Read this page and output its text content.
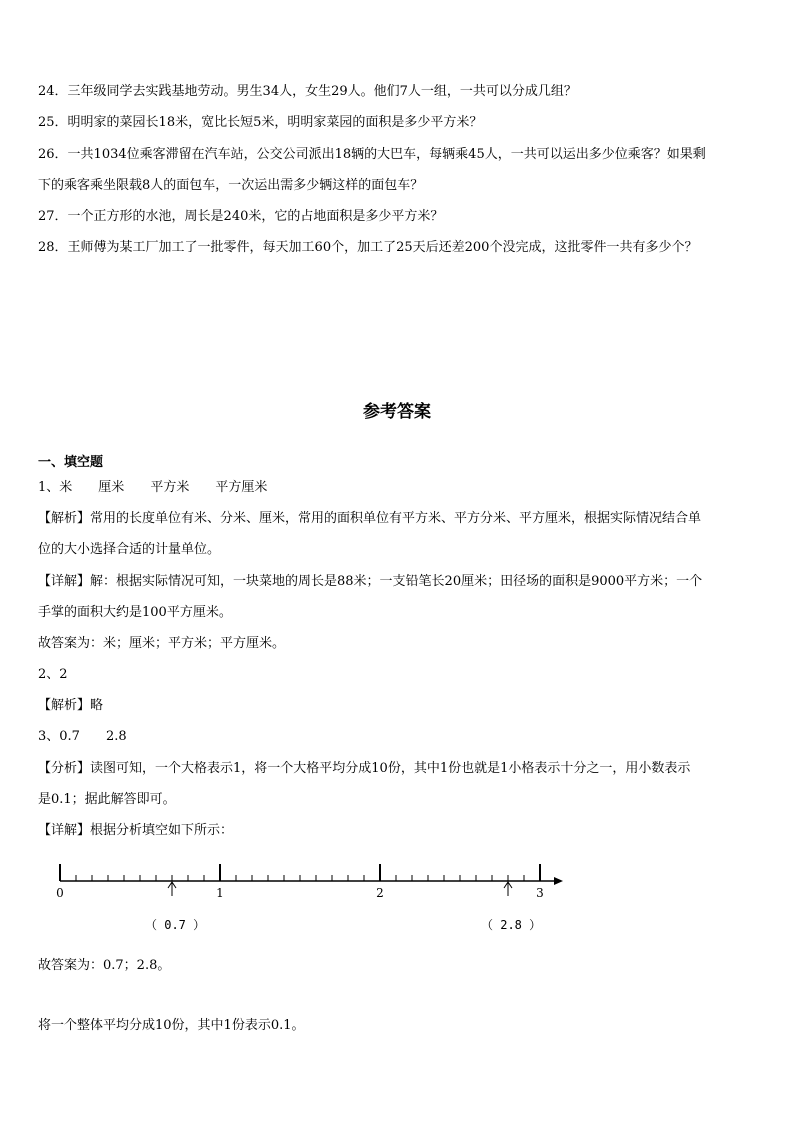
24．三年级同学去实践基地劳动。男生34人，女生29人。他们7人一组，一共可以分成几组？
25．明明家的菜园长18米，宽比长短5米，明明家菜园的面积是多少平方米？
26．一共1034位乘客滞留在汽车站，公交公司派出18辆的大巴车，每辆乘45人，一共可以运出多少位乘客？如果剩
下的乘客乘坐限载8人的面包车，一次运出需多少辆这样的面包车？
27．一个正方形的水池，周长是240米，它的占地面积是多少平方米？
28．王师傅为某工厂加工了一批零件，每天加工60个，加工了25天后还差200个没完成，这批零件一共有多少个？
参考答案
一、填空题
1、米 厘米 平方米 平方厘米
【解析】常用的长度单位有米、分米、厘米，常用的面积单位有平方米、平方分米、平方厘米，根据实际情况结合单
位的大小选择合适的计量单位。
【详解】解：根据实际情况可知，一块菜地的周长是88米；一支铅笔长20厘米；田径场的面积是9000平方米；一个
手掌的面积大约是100平方厘米。
故答案为：米；厘米；平方米；平方厘米。
2、2
【解析】略
3、0.7 2.8
【分析】读图可知，一个大格表示1，将一个大格平均分成10份，其中1份也就是1小格表示十分之一，用小数表示
是0.1；据此解答即可。
【详解】根据分析填空如下所示：
0	1	2	3
（ 0.7 ）	（ 2.8 ）
故答案为：0.7；2.8。
将一个整体平均分成10份，其中1份表示0.1。
